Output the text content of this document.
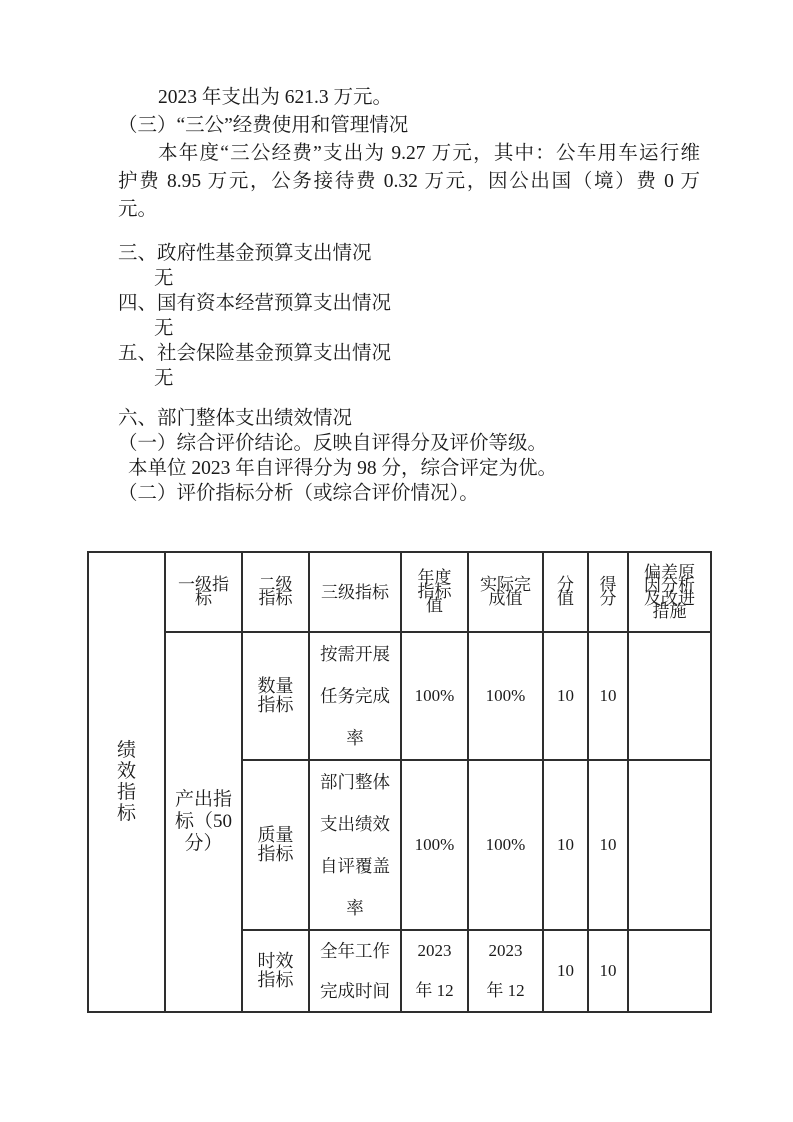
2023 年支出为 621.3 万元。
（三）“三公”经费使用和管理情况
本年度“三公经费”支出为 9.27 万元，其中：公车用车运行维
护费 8.95 万元，公务接待费 0.32 万元，因公出国（境）费 0 万
元。
三、政府性基金预算支出情况
无
四、国有资本经营预算支出情况
无
五、社会保险基金预算支出情况
无
六、部门整体支出绩效情况
（一）综合评价结论。反映自评得分及评价等级。
本单位 2023 年自评得分为 98 分，综合评定为优。
（二）评价指标分析（或综合评价情况）。
绩效指标	一级指标	二级指标	三级指标	年度指标值	实际完成值	分值	得分	偏差原因分析及改进措施
	产出指标（50分）	数量指标	按需开展任务完成率	100%	100%	10	10	
		质量指标	部门整体支出绩效自评覆盖率	100%	100%	10	10	
		时效指标	全年工作完成时间	2023 年 12	2023 年 12	10	10	
